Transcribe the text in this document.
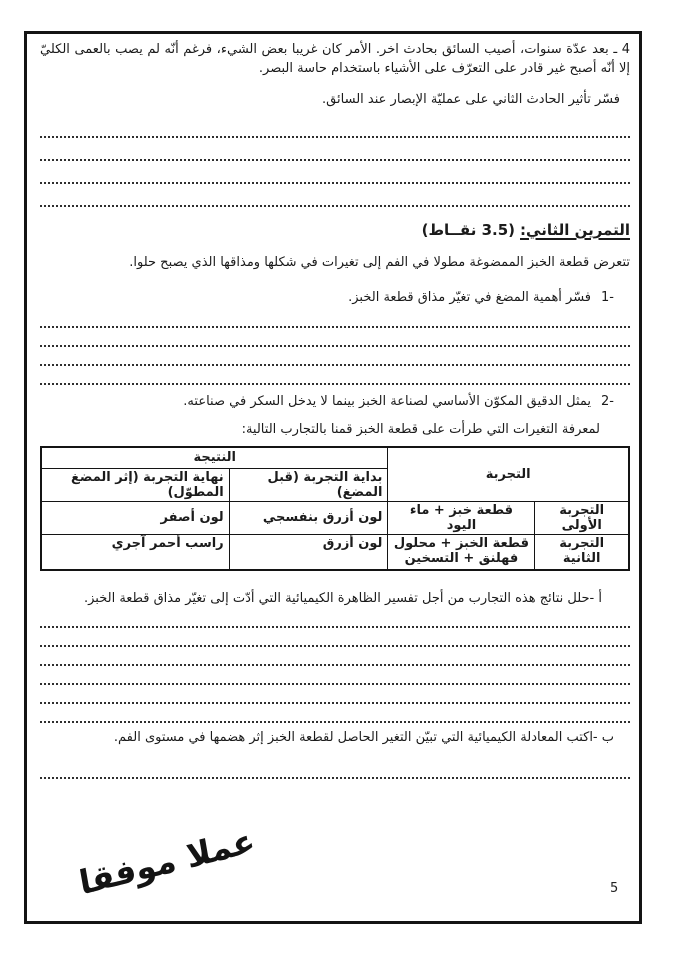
4 ـ بعد عدّة سنوات، أصيب السائق بحادث اخر. الأمر كان غريبا بعض الشيء، فرغم أنّه لم يصب بالعمى الكليّ إلا أنّه أصبح غير قادر على التعرّف على الأشياء باستخدام حاسة البصر.
فسّر تأثير الحادث الثاني على عمليّة الإبصار عند السائق.
التمرين الثاني:(3.5 نقــاط)
تتعرض قطعة الخبز الممضوغة مطولا في الفم إلى تغيرات في شكلها ومذاقها الذي يصبح حلوا.
1-فسّر أهمية المضغ في تغيّر مذاق قطعة الخبز.
2-يمثل الدقيق المكوّن الأساسي لصناعة الخبز بينما لا يدخل السكر في صناعته.
لمعرفة التغيرات التي طرأت على قطعة الخبز قمنا بالتجارب التالية:
التجربة		النتيجة	
		بداية التجربة (قبل المضغ)	نهاية التجربة (إثر المضغ المطوّل)
التجربة الأولى	قطعة خبز + ماء اليود	لون أزرق بنفسجي	لون أصفر
التجربة الثانية	قطعة الخبز + محلول فهلنق + التسخين	لون أزرق	راسب أحمر آجري
أ -حلل نتائج هذه التجارب من أجل تفسير الظاهرة الكيميائية التي أدّت إلى تغيّر مذاق قطعة الخبز.
ب -اكتب المعادلة الكيميائية التي تبيّن التغير الحاصل لقطعة الخبز إثر هضمها في مستوى الفم.
عملا موفقا	5
